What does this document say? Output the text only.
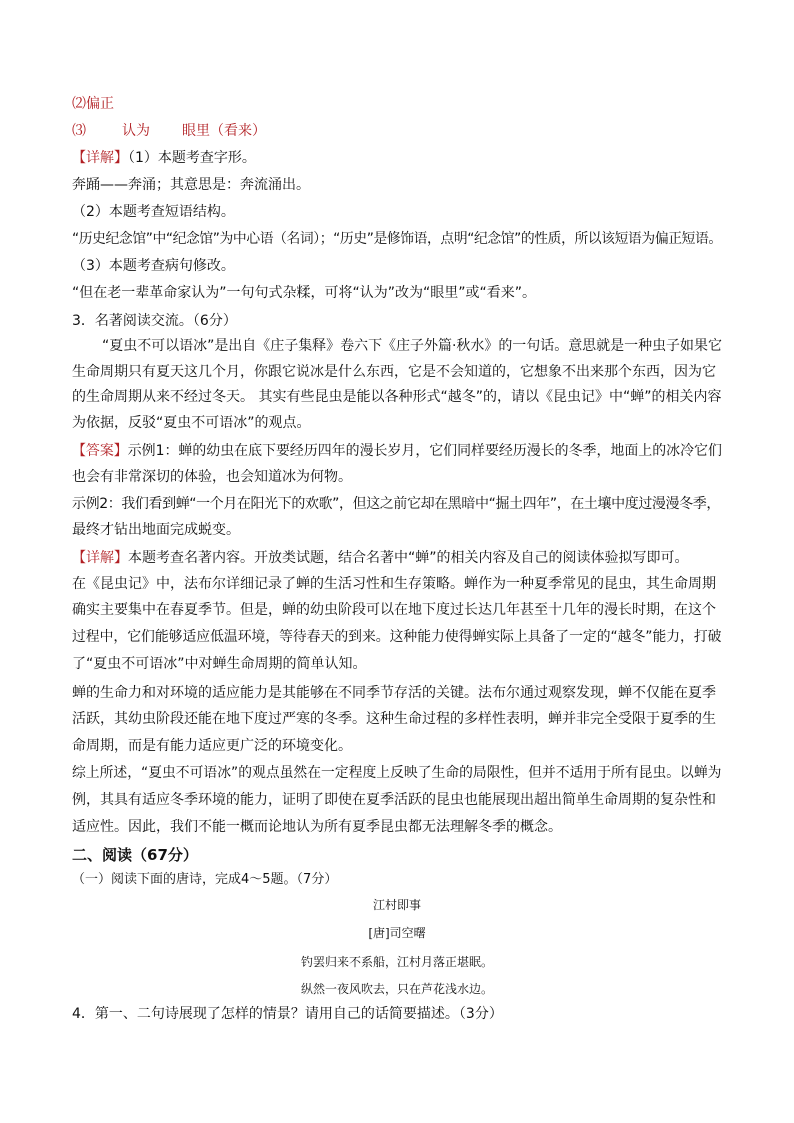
⑵偏正
⑶	认为 眼里（看来）
【详解】（1）本题考查字形。
奔踊——奔涌；其意思是：奔流涌出。
（2）本题考查短语结构。
“历史纪念馆”中“纪念馆”为中心语（名词）；“历史”是修饰语，点明“纪念馆”的性质，所以该短语为偏正短语。
（3）本题考查病句修改。
“但在老一辈革命家认为”一句句式杂糅，可将“认为”改为“眼里”或“看来”。
3．名著阅读交流。（6分）
“夏虫不可以语冰”是出自《庄子集释》卷六下《庄子外篇·秋水》的一句话。意思就是一种虫子如果它
生命周期只有夏天这几个月，你跟它说冰是什么东西，它是不会知道的，它想象不出来那个东西，因为它
的生命周期从来不经过冬天。 其实有些昆虫是能以各种形式“越冬”的，请以《昆虫记》中“蝉”的相关内容
为依据，反驳“夏虫不可语冰”的观点。
【答案】示例1：蝉的幼虫在底下要经历四年的漫长岁月，它们同样要经历漫长的冬季，地面上的冰冷它们
也会有非常深切的体验，也会知道冰为何物。
示例2：我们看到蝉“一个月在阳光下的欢歌”，但这之前它却在黑暗中“掘土四年”，在土壤中度过漫漫冬季，
最终才钻出地面完成蜕变。
【详解】本题考查名著内容。开放类试题，结合名著中“蝉”的相关内容及自己的阅读体验拟写即可。
在《昆虫记》中，法布尔详细记录了蝉的生活习性和生存策略。蝉作为一种夏季常见的昆虫，其生命周期
确实主要集中在春夏季节。但是，蝉的幼虫阶段可以在地下度过长达几年甚至十几年的漫长时期，在这个
过程中，它们能够适应低温环境，等待春天的到来。这种能力使得蝉实际上具备了一定的“越冬”能力，打破
了“夏虫不可语冰”中对蝉生命周期的简单认知。
蝉的生命力和对环境的适应能力是其能够在不同季节存活的关键。法布尔通过观察发现，蝉不仅能在夏季
活跃，其幼虫阶段还能在地下度过严寒的冬季。这种生命过程的多样性表明，蝉并非完全受限于夏季的生
命周期，而是有能力适应更广泛的环境变化。
综上所述，“夏虫不可语冰”的观点虽然在一定程度上反映了生命的局限性，但并不适用于所有昆虫。以蝉为
例，其具有适应冬季环境的能力，证明了即使在夏季活跃的昆虫也能展现出超出简单生命周期的复杂性和
适应性。因此，我们不能一概而论地认为所有夏季昆虫都无法理解冬季的概念。
二、阅读（67分）
（一）阅读下面的唐诗，完成4～5题。（7分）
江村即事
[唐]司空曙
钓罢归来不系船，江村月落正堪眠。
纵然一夜风吹去，只在芦花浅水边。
4．第一、二句诗展现了怎样的情景？请用自己的话简要描述。（3分）
